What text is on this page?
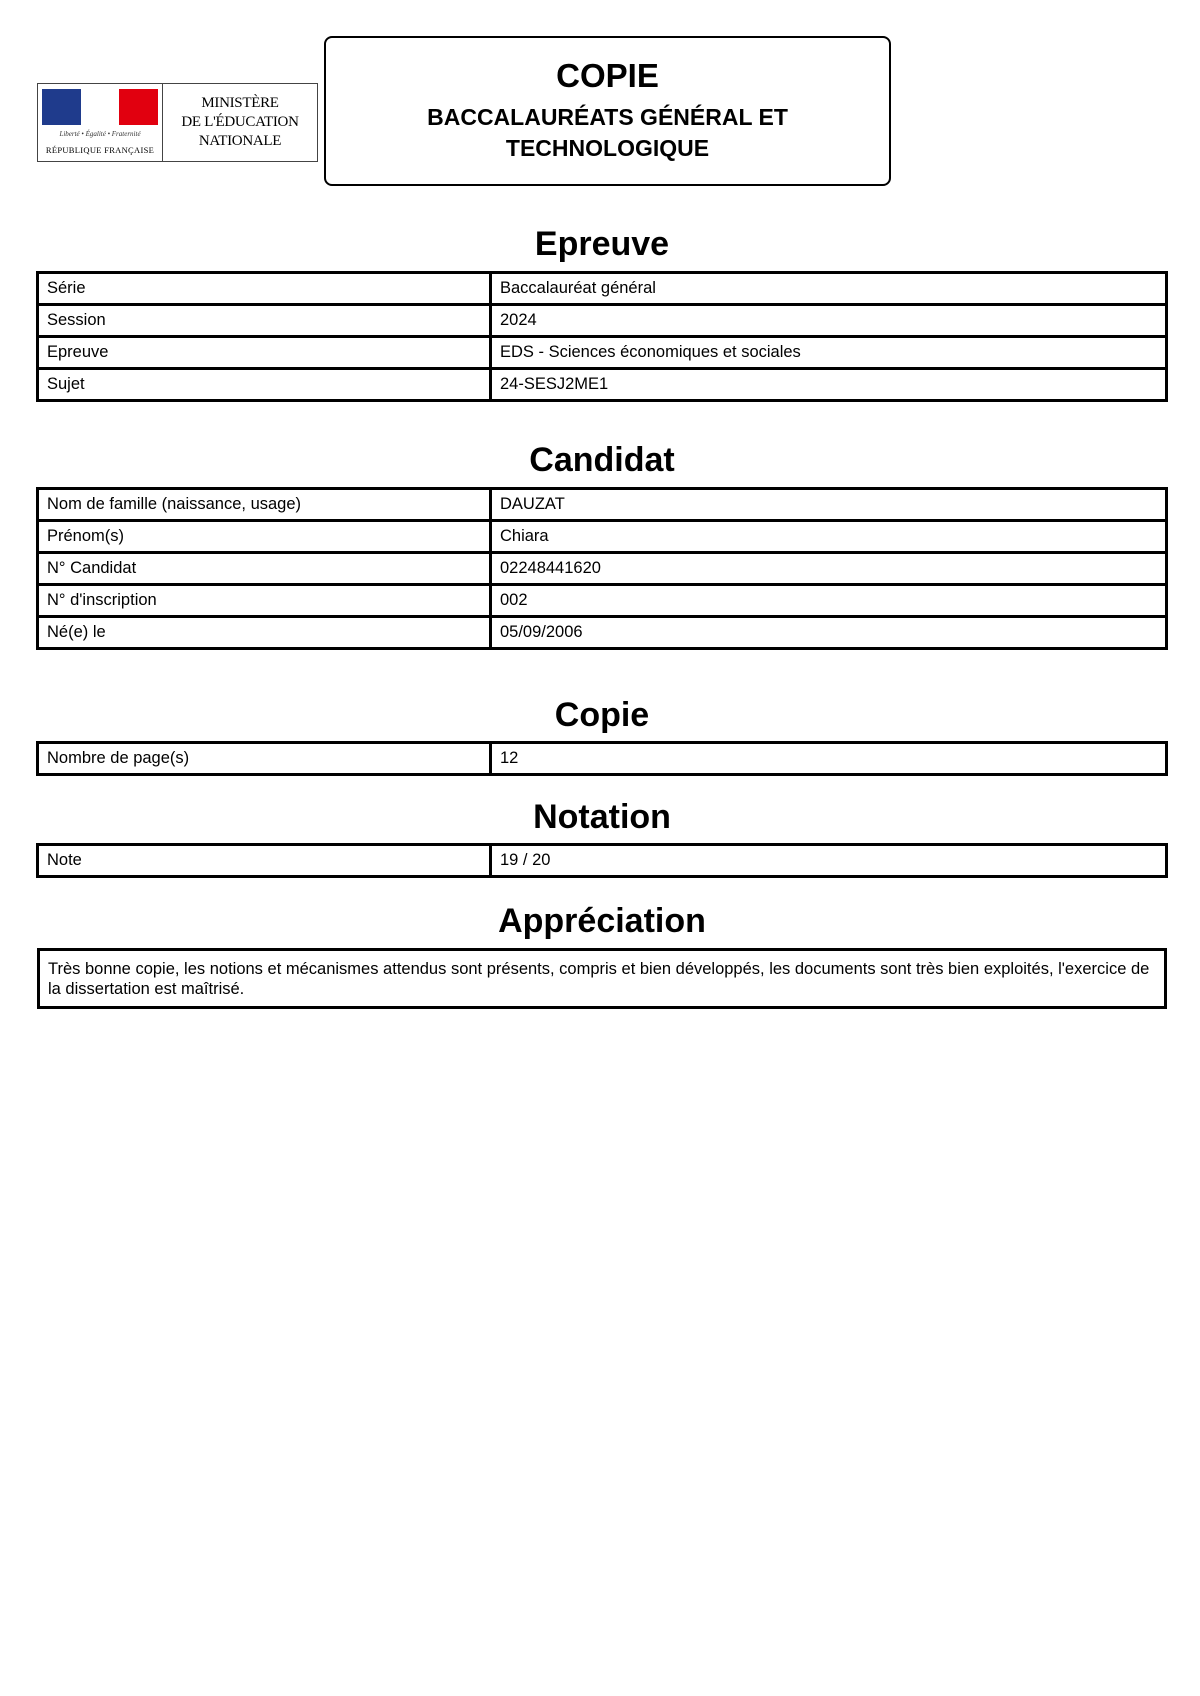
Liberté • Égalité • Fraternité
RÉPUBLIQUE FRANÇAISE
MINISTÈRE
DE L'ÉDUCATION
NATIONALE
COPIE
BACCALAURÉATS GÉNÉRAL ET TECHNOLOGIQUE
Epreuve
Série	Baccalauréat général
Session	2024
Epreuve	EDS - Sciences économiques et sociales
Sujet	24-SESJ2ME1
Candidat
Nom de famille (naissance, usage)	DAUZAT
Prénom(s)	Chiara
N° Candidat	02248441620
N° d'inscription	002
Né(e) le	05/09/2006
Copie
Nombre de page(s)	12
Notation
Note	19 / 20
Appréciation
Très bonne copie, les notions et mécanismes attendus sont présents, compris et bien développés, les documents sont très bien exploités, l'exercice de la dissertation est maîtrisé.
